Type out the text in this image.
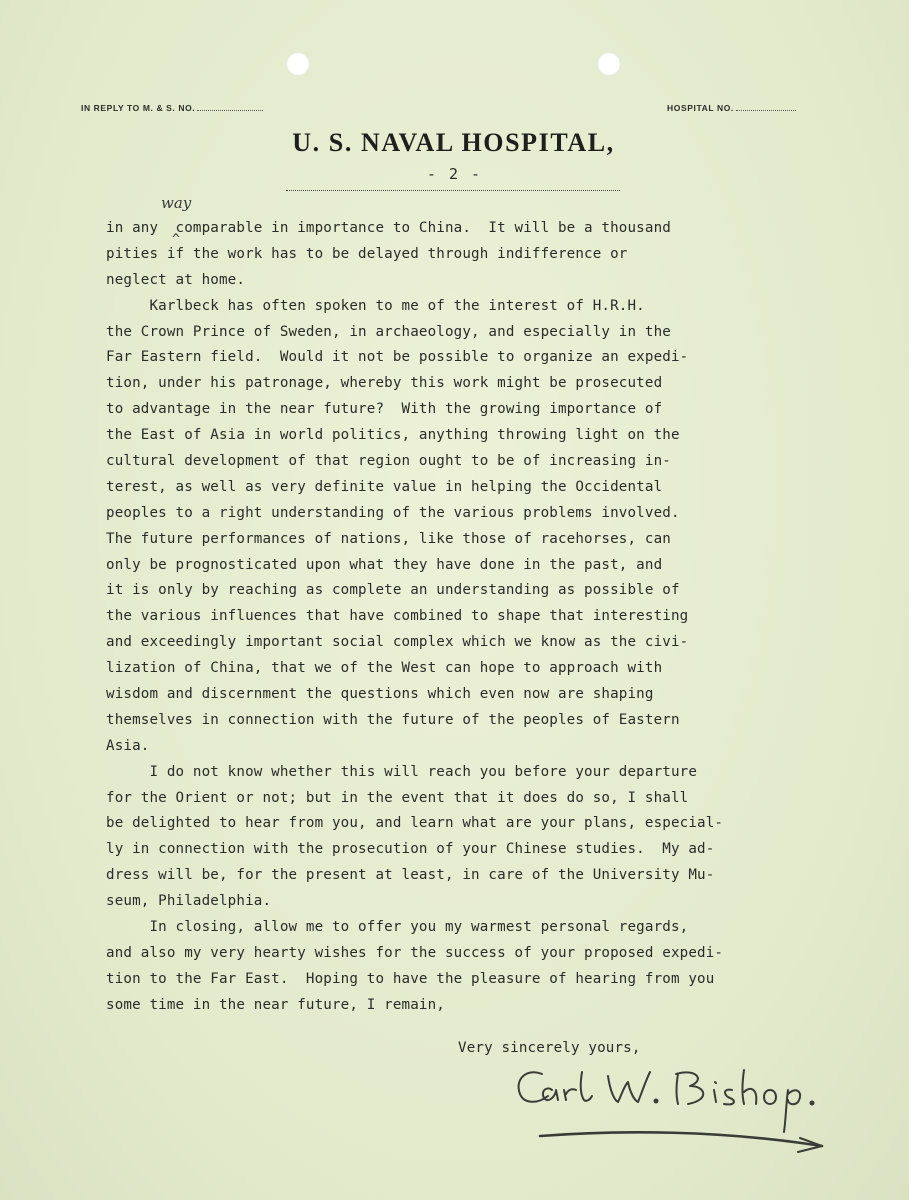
IN REPLY TO M. & S. NO.	HOSPITAL NO.
U. S. NAVAL HOSPITAL,
- 2 -
way
^
in any  comparable in importance to China.  It will be a thousand
pities if the work has to be delayed through indifference or
neglect at home.
Karlbeck has often spoken to me of the interest of H.R.H.
the Crown Prince of Sweden, in archaeology, and especially in the
Far Eastern field.  Would it not be possible to organize an expedi-
tion, under his patronage, whereby this work might be prosecuted
to advantage in the near future?  With the growing importance of
the East of Asia in world politics, anything throwing light on the
cultural development of that region ought to be of increasing in-
terest, as well as very definite value in helping the Occidental
peoples to a right understanding of the various problems involved.
The future performances of nations, like those of racehorses, can
only be prognosticated upon what they have done in the past, and
it is only by reaching as complete an understanding as possible of
the various influences that have combined to shape that interesting
and exceedingly important social complex which we know as the civi-
lization of China, that we of the West can hope to approach with
wisdom and discernment the questions which even now are shaping
themselves in connection with the future of the peoples of Eastern
Asia.
I do not know whether this will reach you before your departure
for the Orient or not; but in the event that it does do so, I shall
be delighted to hear from you, and learn what are your plans, especial-
ly in connection with the prosecution of your Chinese studies.  My ad-
dress will be, for the present at least, in care of the University Mu-
seum, Philadelphia.
In closing, allow me to offer you my warmest personal regards,
and also my very hearty wishes for the success of your proposed expedi-
tion to the Far East.  Hoping to have the pleasure of hearing from you
some time in the near future, I remain,
Very sincerely yours,
Carl W. Bishop
